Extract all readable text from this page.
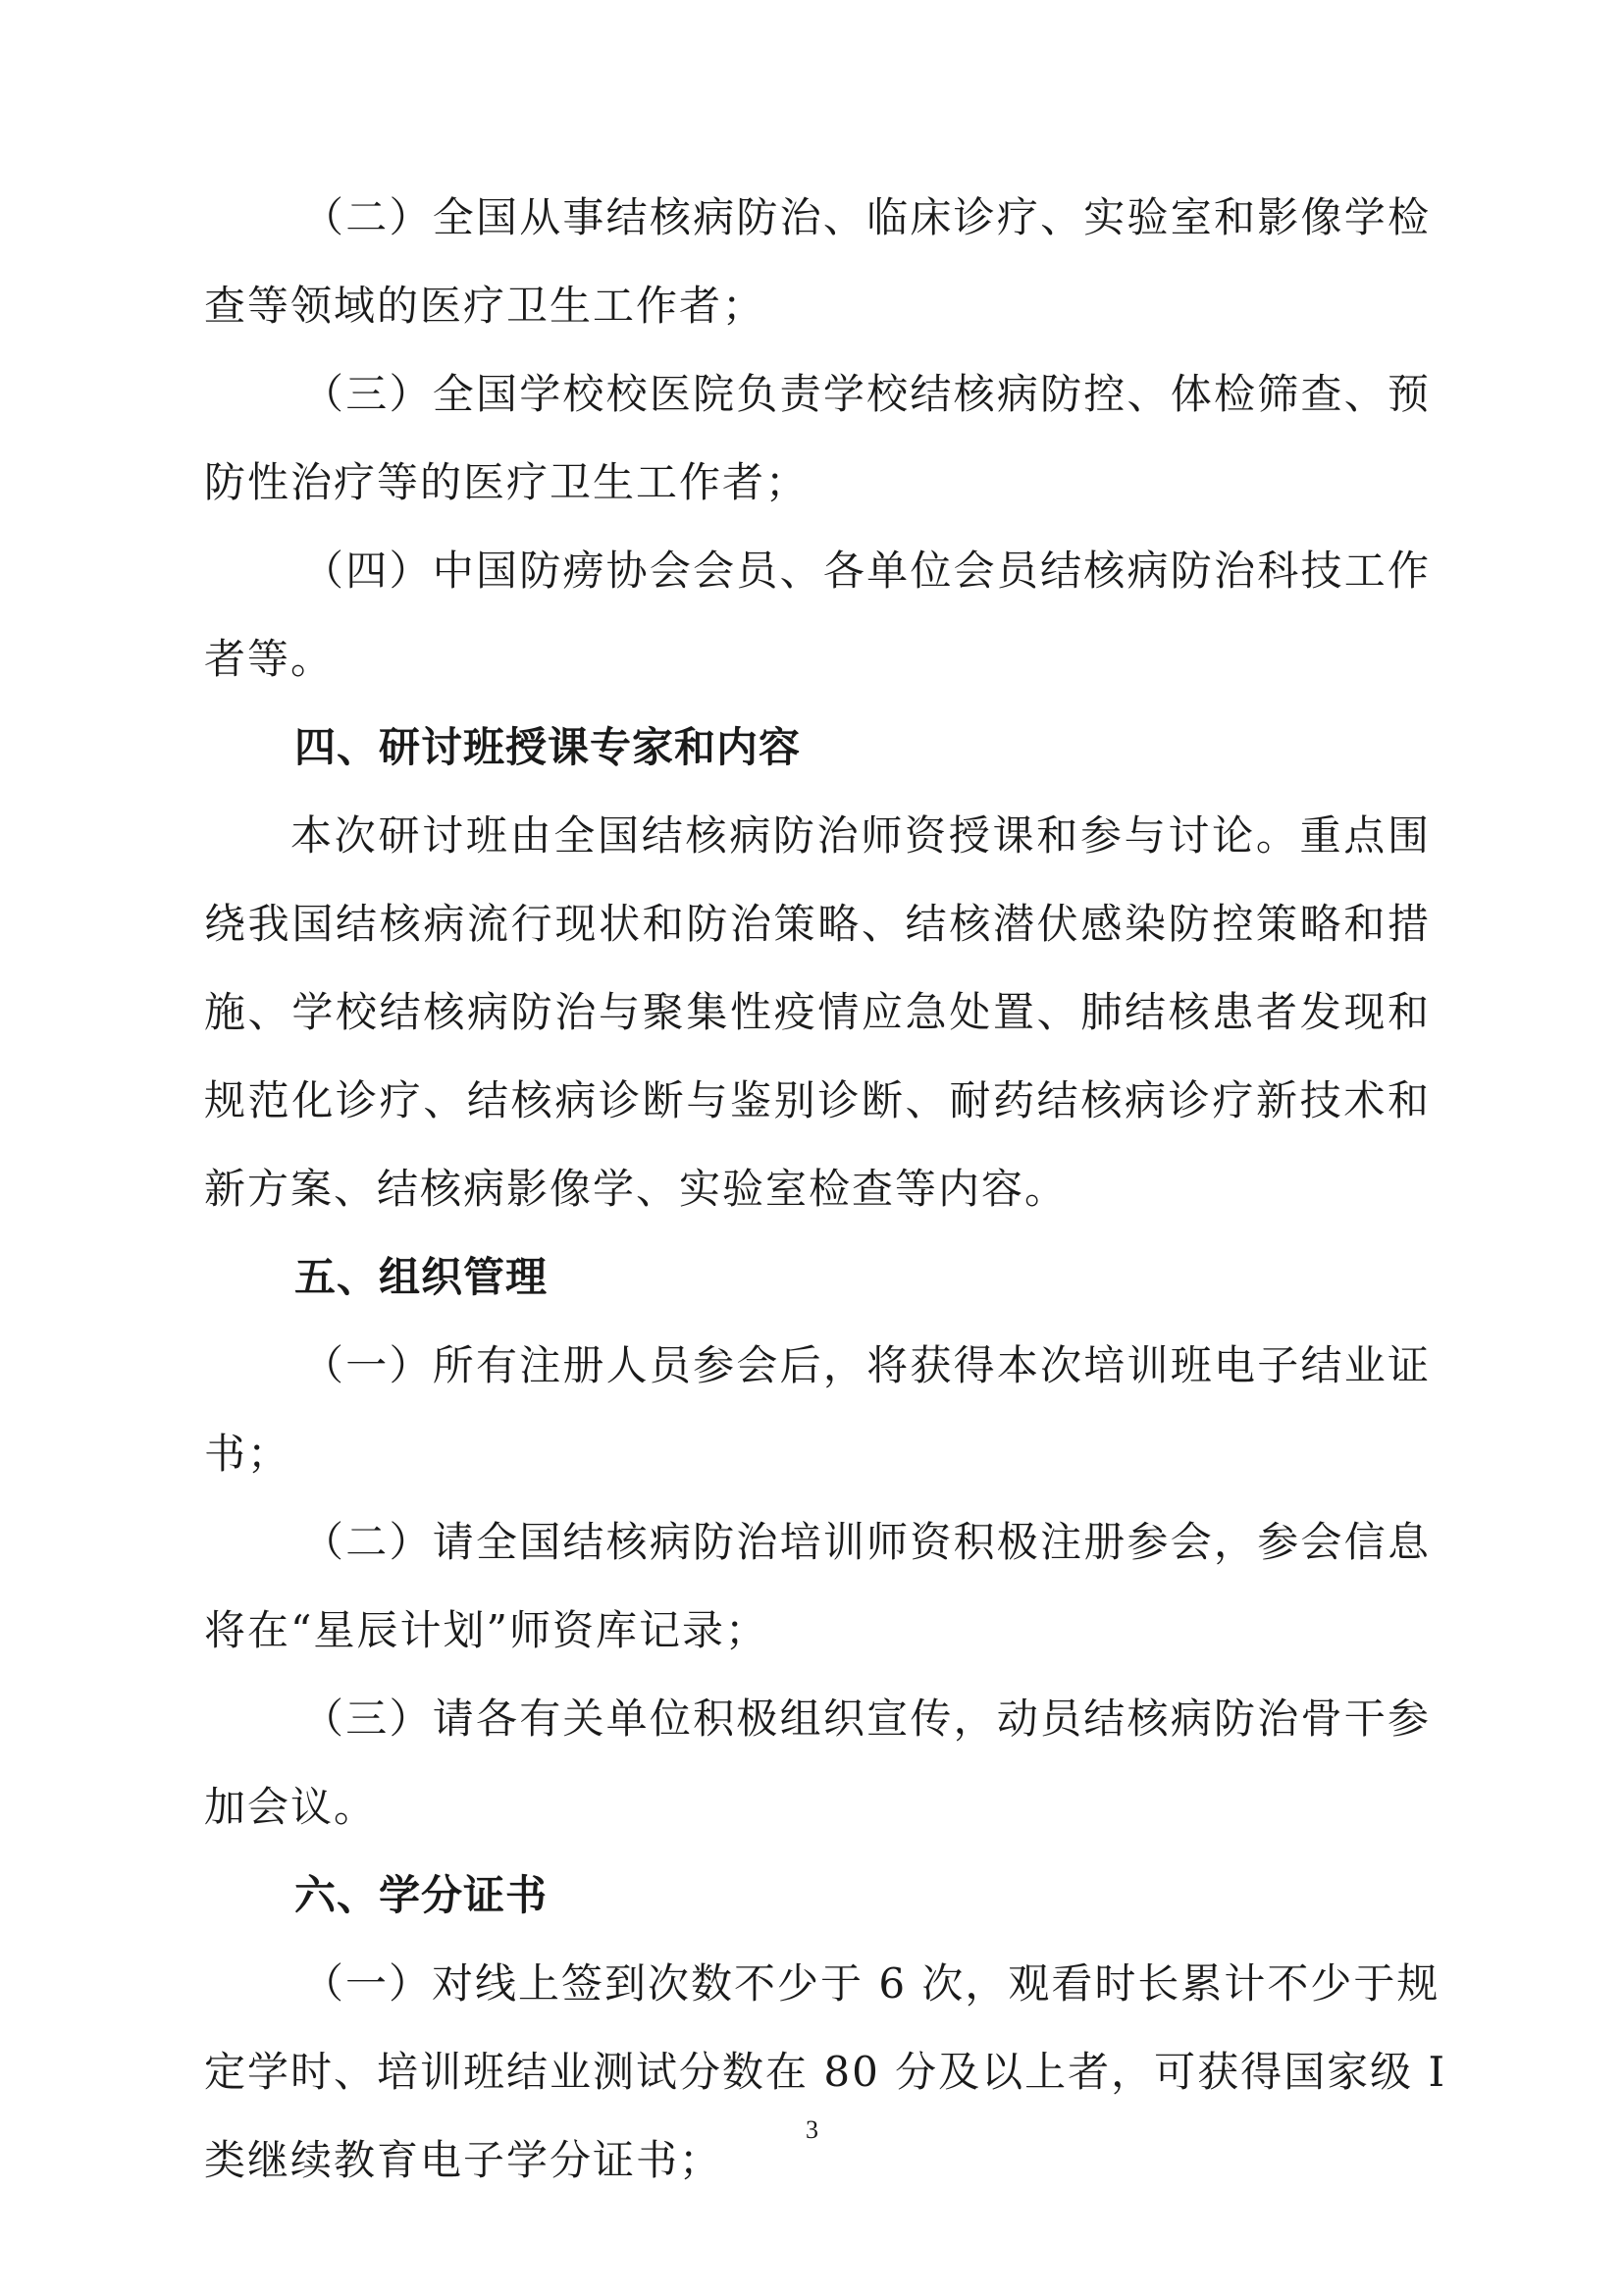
（二）全国从事结核病防治、临床诊疗、实验室和影像学检
查等领域的医疗卫生工作者；
（三）全国学校校医院负责学校结核病防控、体检筛查、预
防性治疗等的医疗卫生工作者；
（四）中国防痨协会会员、各单位会员结核病防治科技工作
者等。
四、研讨班授课专家和内容
本次研讨班由全国结核病防治师资授课和参与讨论。重点围
绕我国结核病流行现状和防治策略、结核潜伏感染防控策略和措
施、学校结核病防治与聚集性疫情应急处置、肺结核患者发现和
规范化诊疗、结核病诊断与鉴别诊断、耐药结核病诊疗新技术和
新方案、结核病影像学、实验室检查等内容。
五、组织管理
（一）所有注册人员参会后，将获得本次培训班电子结业证
书；
（二）请全国结核病防治培训师资积极注册参会，参会信息
将在“星辰计划”师资库记录；
（三）请各有关单位积极组织宣传，动员结核病防治骨干参
加会议。
六、学分证书
（一）对线上签到次数不少于 6 次，观看时长累计不少于规
定学时、培训班结业测试分数在 80 分及以上者，可获得国家级 I
类继续教育电子学分证书；
3
